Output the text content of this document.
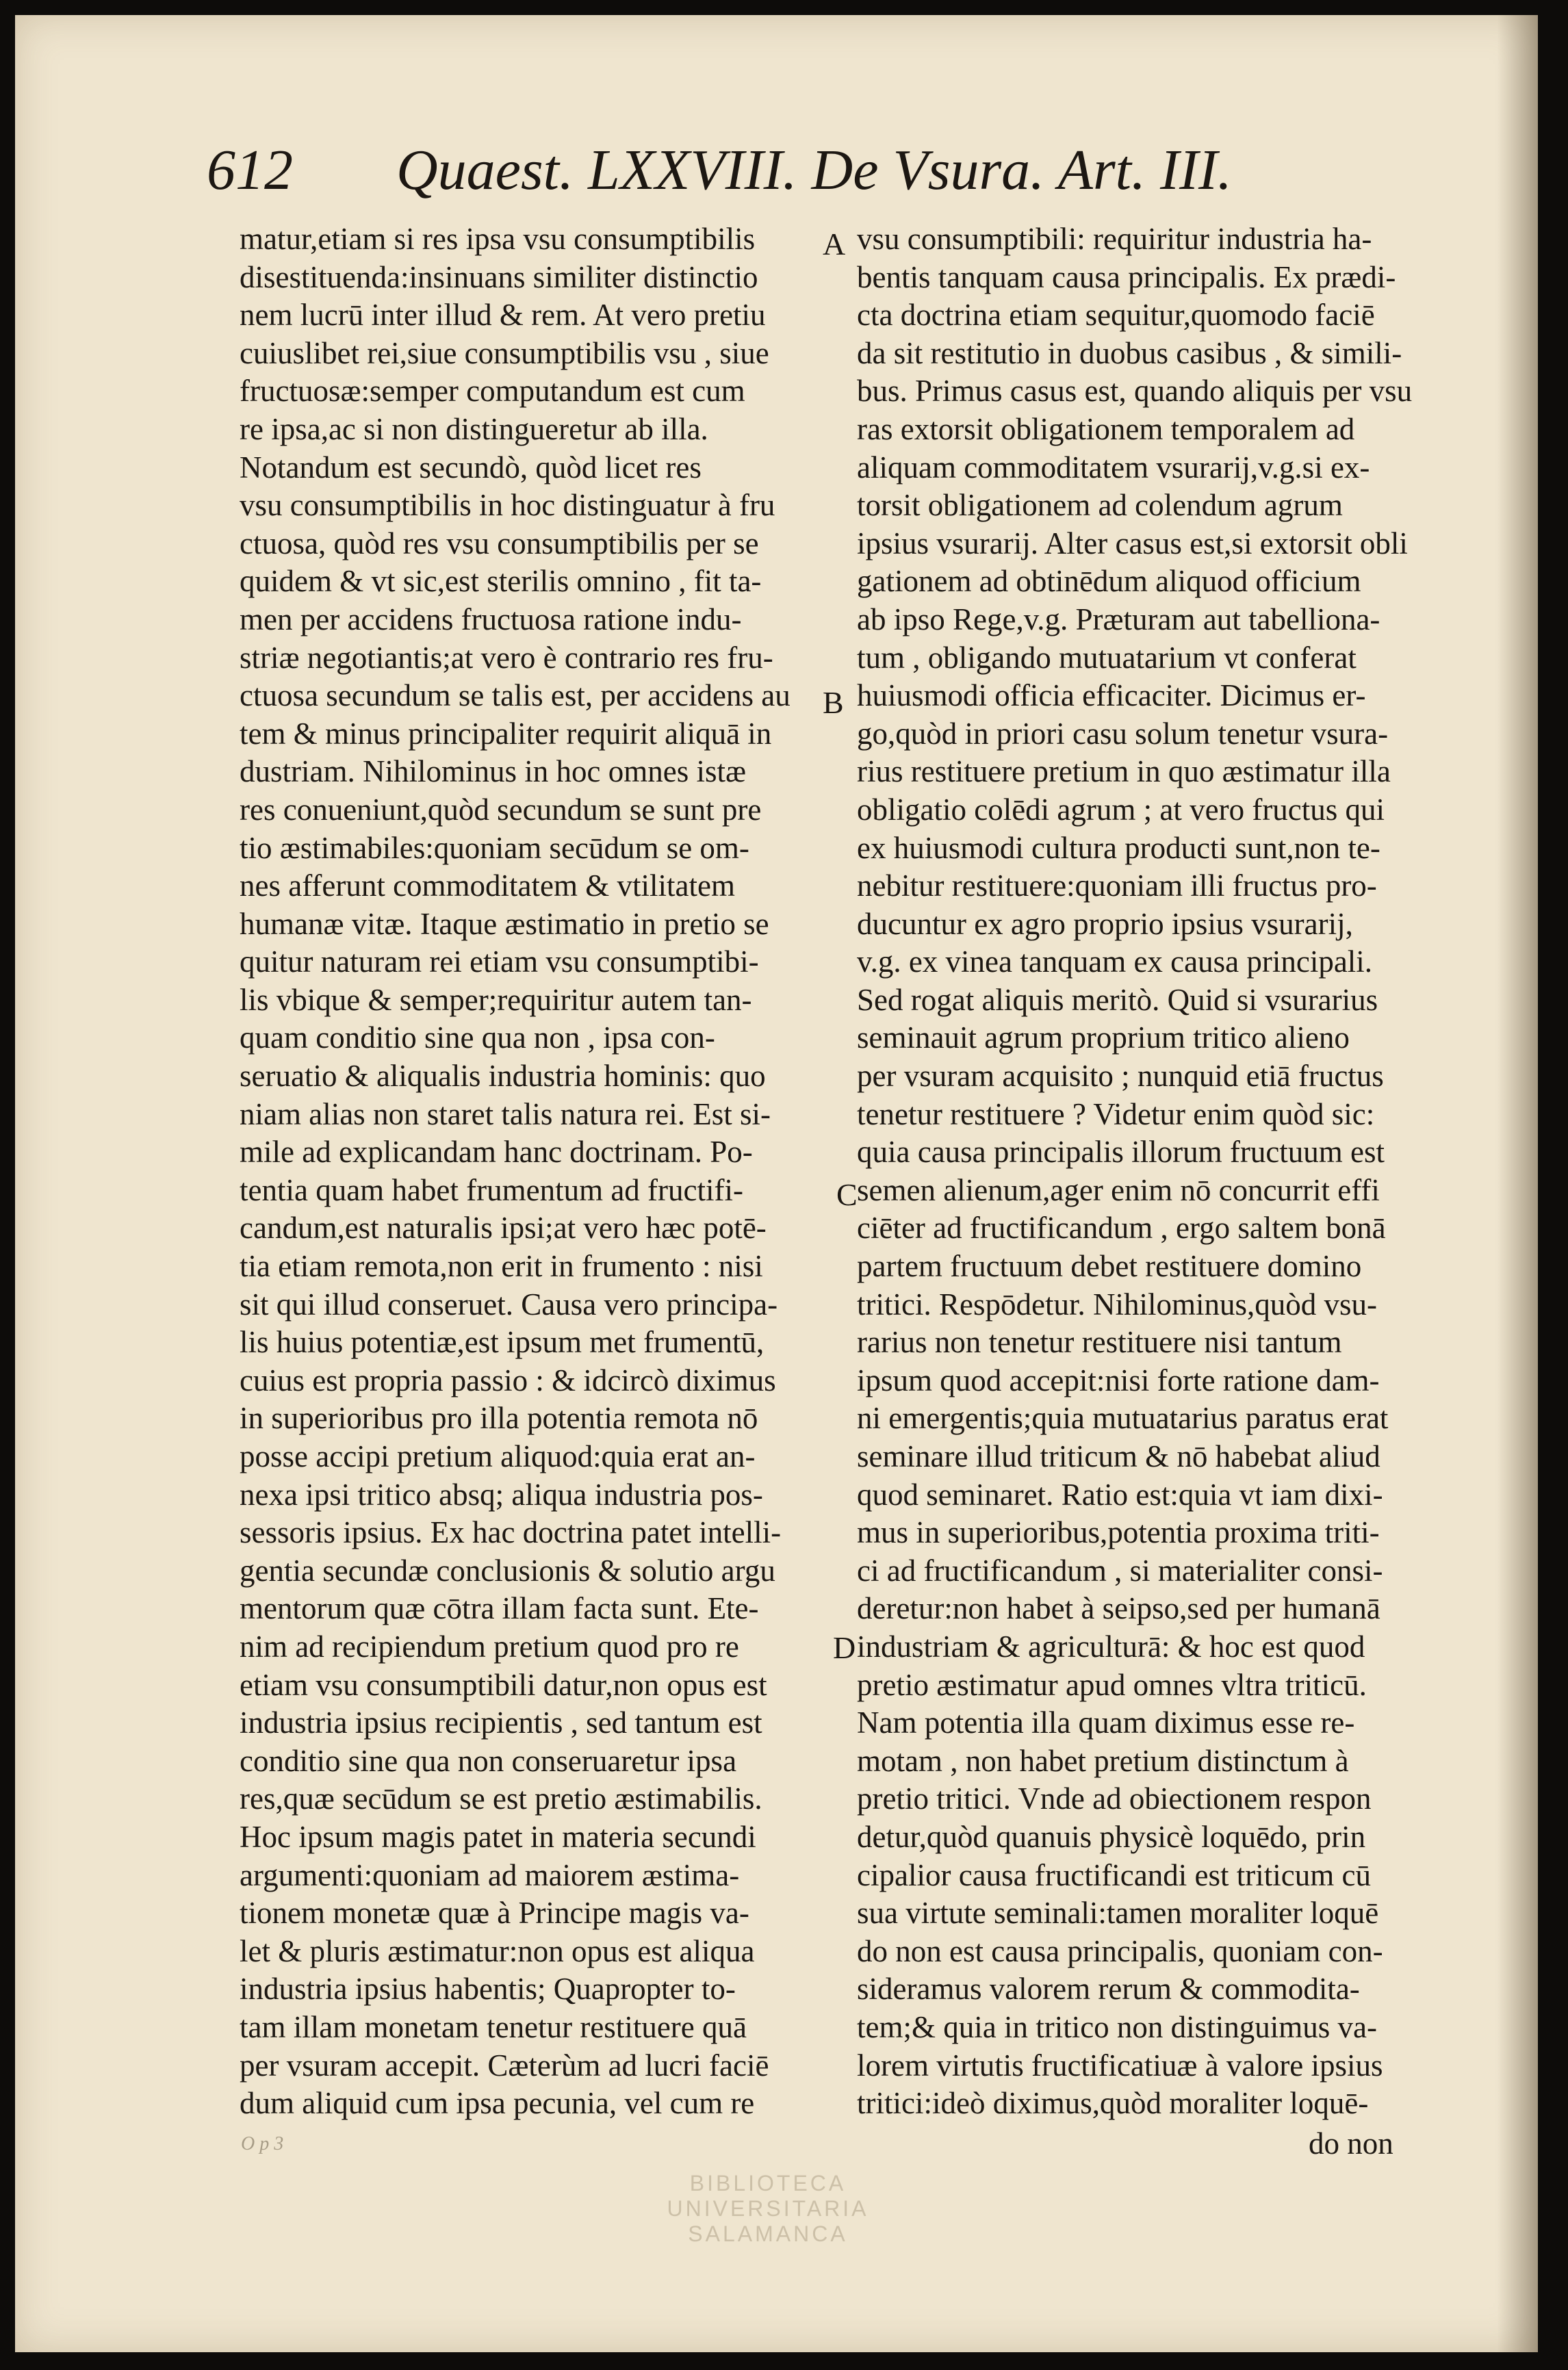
612 Quaest. LXXVIII. De Vsura. Art. III.

matur,etiam si res ipsa vsu consumptibilis
disestituenda:insinuans similiter distinctio
nem lucrū inter illud & rem. At vero pretiu
cuiuslibet rei,siue consumptibilis vsu , siue
fructuosæ:semper computandum est cum
re ipsa,ac si non distingueretur ab illa.
Notandum est secundò, quòd licet res
vsu consumptibilis in hoc distinguatur à fru
ctuosa, quòd res vsu consumptibilis per se
quidem & vt sic,est sterilis omnino , fit ta-
men per accidens fructuosa ratione indu-
striæ negotiantis;at vero è contrario res fru-
ctuosa secundum se talis est, per accidens au
tem & minus principaliter requirit aliquā in
dustriam. Nihilominus in hoc omnes istæ
res conueniunt,quòd secundum se sunt pre
tio æstimabiles:quoniam secūdum se om-
nes afferunt commoditatem & vtilitatem
humanæ vitæ. Itaque æstimatio in pretio se
quitur naturam rei etiam vsu consumptibi-
lis vbique & semper;requiritur autem tan-
quam conditio sine qua non , ipsa con-
seruatio & aliqualis industria hominis: quo
niam alias non staret talis natura rei. Est si-
mile ad explicandam hanc doctrinam. Po-
tentia quam habet frumentum ad fructifi-
candum,est naturalis ipsi;at vero hæc potē-
tia etiam remota,non erit in frumento : nisi
sit qui illud conseruet. Causa vero principa-
lis huius potentiæ,est ipsum met frumentū,
cuius est propria passio : & idcircò diximus
in superioribus pro illa potentia remota nō
posse accipi pretium aliquod:quia erat an-
nexa ipsi tritico absq; aliqua industria pos-
sessoris ipsius. Ex hac doctrina patet intelli-
gentia secundæ conclusionis & solutio argu
mentorum quæ cōtra illam facta sunt. Ete-
nim ad recipiendum pretium quod pro re
etiam vsu consumptibili datur,non opus est
industria ipsius recipientis , sed tantum est
conditio sine qua non conseruaretur ipsa
res,quæ secūdum se est pretio æstimabilis.
Hoc ipsum magis patet in materia secundi
argumenti:quoniam ad maiorem æstima-
tionem monetæ quæ à Principe magis va-
let & pluris æstimatur:non opus est aliqua
industria ipsius habentis; Quapropter to-
tam illam monetam tenetur restituere quā
per vsuram accepit. Cæterùm ad lucri faciē
dum aliquid cum ipsa pecunia, vel cum re

vsu consumptibili: requiritur industria ha-
bentis tanquam causa principalis. Ex prædi-
cta doctrina etiam sequitur,quomodo faciē
da sit restitutio in duobus casibus , & simili-
bus. Primus casus est, quando aliquis per vsu
ras extorsit obligationem temporalem ad
aliquam commoditatem vsurarij,v.g.si ex-
torsit obligationem ad colendum agrum
ipsius vsurarij. Alter casus est,si extorsit obli
gationem ad obtinēdum aliquod officium
ab ipso Rege,v.g. Præturam aut tabelliona-
tum , obligando mutuatarium vt conferat
huiusmodi officia efficaciter. Dicimus er-
go,quòd in priori casu solum tenetur vsura-
rius restituere pretium in quo æstimatur illa
obligatio colēdi agrum ; at vero fructus qui
ex huiusmodi cultura producti sunt,non te-
nebitur restituere:quoniam illi fructus pro-
ducuntur ex agro proprio ipsius vsurarij,
v.g. ex vinea tanquam ex causa principali.
Sed rogat aliquis meritò. Quid si vsurarius
seminauit agrum proprium tritico alieno
per vsuram acquisito ; nunquid etiā fructus
tenetur restituere ? Videtur enim quòd sic:
quia causa principalis illorum fructuum est
semen alienum,ager enim nō concurrit effi
ciēter ad fructificandum , ergo saltem bonā
partem fructuum debet restituere domino
tritici. Respōdetur. Nihilominus,quòd vsu-
rarius non tenetur restituere nisi tantum
ipsum quod accepit:nisi forte ratione dam-
ni emergentis;quia mutuatarius paratus erat
seminare illud triticum & nō habebat aliud
quod seminaret. Ratio est:quia vt iam dixi-
mus in superioribus,potentia proxima triti-
ci ad fructificandum , si materialiter consi-
deretur:non habet à seipso,sed per humanā
industriam & agriculturā: & hoc est quod
pretio æstimatur apud omnes vltra triticū.
Nam potentia illa quam diximus esse re-
motam , non habet pretium distinctum à
pretio tritici. Vnde ad obiectionem respon
detur,quòd quanuis physicè loquēdo, prin
cipalior causa fructificandi est triticum cū
sua virtute seminali:tamen moraliter loquē
do non est causa principalis, quoniam con-
sideramus valorem rerum & commodita-
tem;& quia in tritico non distinguimus va-
lorem virtutis fructificatiuæ à valore ipsius
tritici:ideò diximus,quòd moraliter loquē-

A
B
C
D
do non
O p 3
BIBLIOTECA
UNIVERSITARIA
SALAMANCA
